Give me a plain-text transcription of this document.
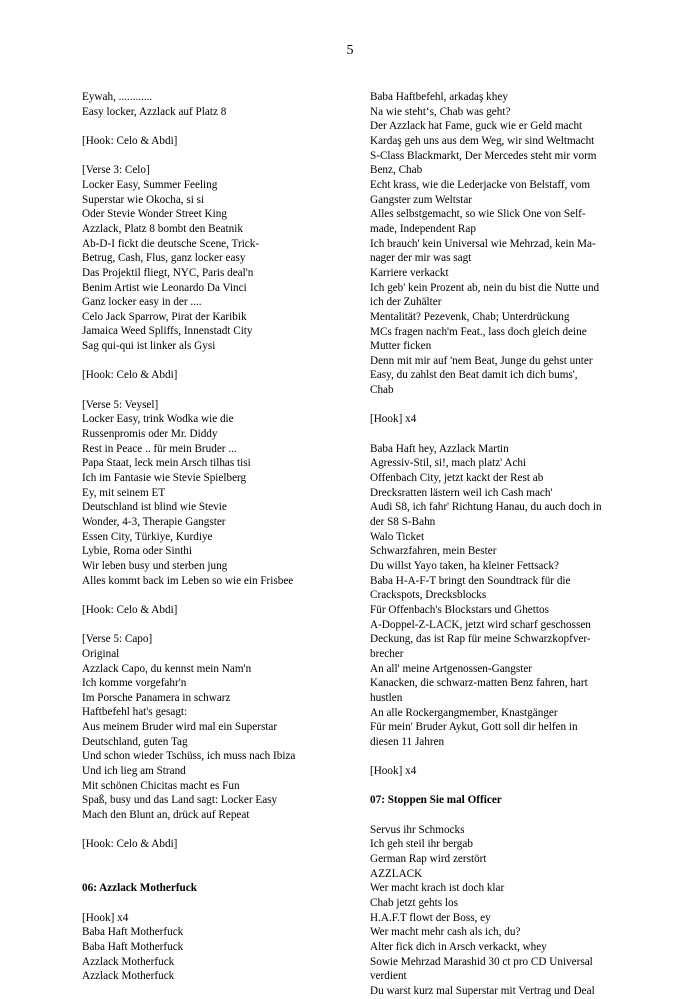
5
Eywah, ............
Easy locker, Azzlack auf Platz 8
[Hook: Celo & Abdi]
[Verse 3: Celo]
Locker Easy, Summer Feeling
Superstar wie Okocha, si si
Oder Stevie Wonder Street King
Azzlack, Platz 8 bombt den Beatnik
Ab-D-I fickt die deutsche Scene, Trick-
Betrug, Cash, Flus, ganz locker easy
Das Projektil fliegt, NYC, Paris deal'n
Benim Artist wie Leonardo Da Vinci
Ganz locker easy in der ....
Celo Jack Sparrow, Pirat der Karibik
Jamaica Weed Spliffs, Innenstadt City
Sag qui-qui ist linker als Gysi
[Hook: Celo & Abdi]
[Verse 5: Veysel]
Locker Easy, trink Wodka wie die
Russenpromis oder Mr. Diddy
Rest in Peace .. für mein Bruder ...
Papa Staat, leck mein Arsch tilhas tisi
Ich im Fantasie wie Stevie Spielberg
Ey, mit seinem ET
Deutschland ist blind wie Stevie
Wonder, 4-3, Therapie Gangster
Essen City, Türkiye, Kurdiye
Lybie, Roma oder Sinthi
Wir leben busy und sterben jung
Alles kommt back im Leben so wie ein Frisbee
[Hook: Celo & Abdi]
[Verse 5: Capo]
Original
Azzlack Capo, du kennst mein Nam'n
Ich komme vorgefahr'n
Im Porsche Panamera in schwarz
Haftbefehl hat's gesagt:
Aus meinem Bruder wird mal ein Superstar
Deutschland, guten Tag
Und schon wieder Tschüss, ich muss nach Ibiza
Und ich lieg am Strand
Mit schönen Chicitas macht es Fun
Spaß, busy und das Land sagt: Locker Easy
Mach den Blunt an, drück auf Repeat
[Hook: Celo & Abdi]
06: Azzlack Motherfuck
[Hook] x4
Baba Haft Motherfuck
Baba Haft Motherfuck
Azzlack Motherfuck
Azzlack Motherfuck
Baba Haftbefehl, arkadaş khey
Na wie steht‘s, Chab was geht?
Der Azzlack hat Fame, guck wie er Geld macht
Kardaş geh uns aus dem Weg, wir sind Weltmacht
S-Class Blackmarkt, Der Mercedes steht mir vorm
Benz, Chab
Echt krass, wie die Lederjacke von Belstaff, vom
Gangster zum Weltstar
Alles selbstgemacht, so wie Slick One von Self-
made, Independent Rap
Ich brauch' kein Universal wie Mehrzad, kein Ma-
nager der mir was sagt
Karriere verkackt
Ich geb' kein Prozent ab, nein du bist die Nutte und
ich der Zuhälter
Mentalität? Pezevenk, Chab; Unterdrückung
MCs fragen nach'm Feat., lass doch gleich deine
Mutter ficken
Denn mit mir auf 'nem Beat, Junge du gehst unter
Easy, du zahlst den Beat damit ich dich bums',
Chab
[Hook] x4
Baba Haft hey, Azzlack Martin
Agressiv-Stil, si!, mach platz' Achi
Offenbach City, jetzt kackt der Rest ab
Drecksratten lästern weil ich Cash mach'
Audi S8, ich fahr' Richtung Hanau, du auch doch in
der S8 S-Bahn
Walo Ticket
Schwarzfahren, mein Bester
Du willst Yayo taken, ha kleiner Fettsack?
Baba H-A-F-T bringt den Soundtrack für die
Crackspots, Drecksblocks
Für Offenbach's Blockstars und Ghettos
A-Doppel-Z-LACK, jetzt wird scharf geschossen
Deckung, das ist Rap für meine Schwarzkopfver-
brecher
An all' meine Artgenossen-Gangster
Kanacken, die schwarz-matten Benz fahren, hart
hustlen
An alle Rockergangmember, Knastgänger
Für mein' Bruder Aykut, Gott soll dir helfen in
diesen 11 Jahren
[Hook] x4
07: Stoppen Sie mal Officer
Servus ihr Schmocks
Ich geh steil ihr bergab
German Rap wird zerstört
AZZLACK
Wer macht krach ist doch klar
Chab jetzt gehts los
H.A.F.T flowt der Boss, ey
Wer macht mehr cash als ich, du?
Alter fick dich in Arsch verkackt, whey
Sowie Mehrzad Marashid 30 ct pro CD Universal
verdient
Du warst kurz mal Superstar mit Vertrag und Deal
